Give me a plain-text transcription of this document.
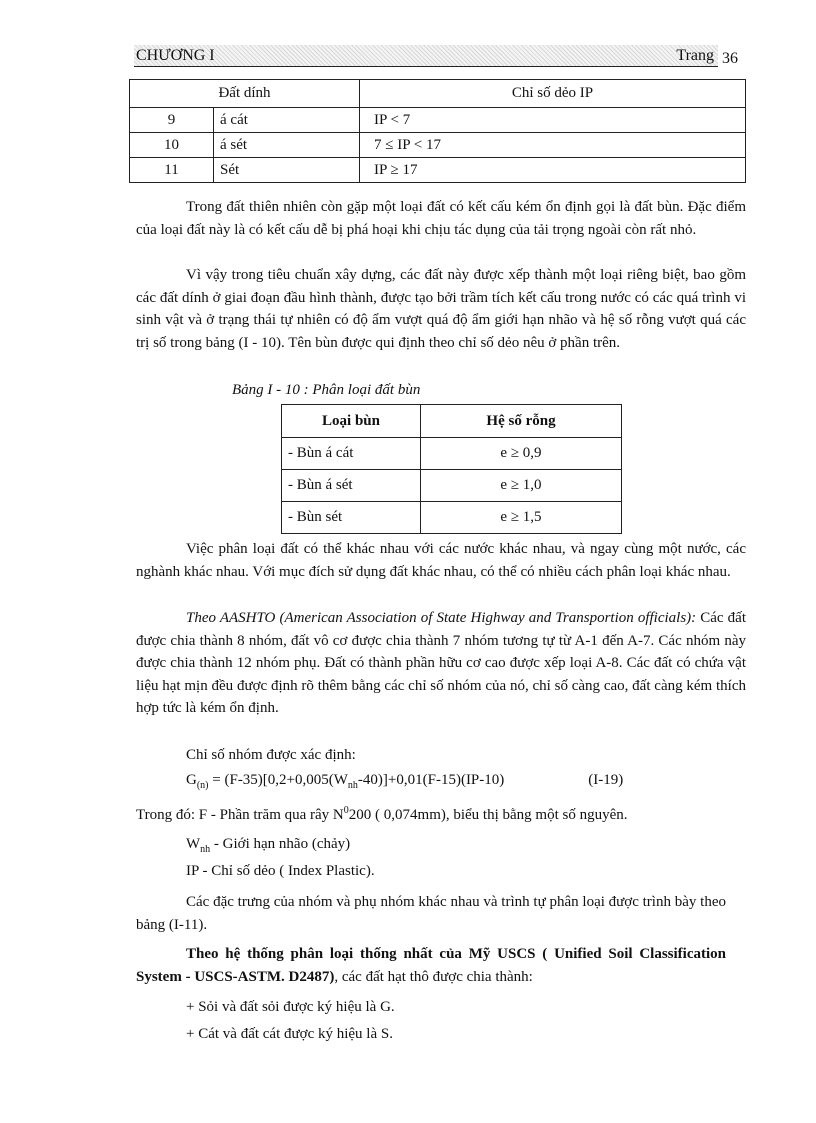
CHƯƠNG I	Trang 36
Đất dính		Chỉ số dẻo IP
9	á cát	IP < 7
10	á sét	7 ≤ IP < 17
11	Sét	IP ≥ 17

Trong đất thiên nhiên còn gặp một loại đất có kết cấu kém ổn định gọi là đất bùn. Đặc điểm của loại đất này là có kết cấu dễ bị phá hoại khi chịu tác dụng của tải trọng ngoài còn rất nhỏ.

Vì vậy trong tiêu chuẩn xây dựng, các đất này được xếp thành một loại riêng biệt, bao gồm các đất dính ở giai đoạn đầu hình thành, được tạo bởi trầm tích kết cấu trong nước có các quá trình vi sinh vật và ở trạng thái tự nhiên có độ ẩm vượt quá độ ẩm giới hạn nhão và hệ số rỗng vượt quá các trị số trong bảng (I - 10). Tên bùn được qui định theo chỉ số dẻo nêu ở phần trên.

Bảng I - 10 : Phân loại đất bùn
Loại bùn	Hệ số rỗng
- Bùn á cát	e ≥ 0,9
- Bùn á sét	e ≥ 1,0
- Bùn sét	e ≥ 1,5

Việc phân loại đất có thể khác nhau với các nước khác nhau, và ngay cùng một nước, các nghành khác nhau. Với mục đích sử dụng đất khác nhau, có thể có nhiều cách phân loại khác nhau.

Theo AASHTO (American Association of State Highway and Transportion officials): Các đất được chia thành 8 nhóm, đất vô cơ được chia thành 7 nhóm tương tự từ A-1 đến A-7. Các nhóm này được chia thành 12 nhóm phụ. Đất có thành phần hữu cơ cao được xếp loại A-8. Các đất có chứa vật liệu hạt mịn đều được định rõ thêm bằng các chỉ số nhóm của nó, chỉ số càng cao, đất càng kém thích hợp tức là kém ổn định.

Chỉ số nhóm được xác định:

$G_{(n)} = (F-35)[0,2+0,005(W_{nh}-40)]+0,01(F-15)(IP-10)$	(I-19)

Trong đó: F - Phần trăm qua rây $N^0200$ ( 0,074mm), biểu thị bằng một số nguyên.

$W_{nh}$ - Giới hạn nhão (chảy)

IP - Chỉ số dẻo ( Index Plastic).

Các đặc trưng của nhóm và phụ nhóm khác nhau và trình tự phân loại được trình bày theo bảng (I-11).

Theo hệ thống phân loại thống nhất của Mỹ USCS ( Unified Soil Classification System - USCS-ASTM. D2487), các đất hạt thô được chia thành:

+ Sỏi và đất sỏi được ký hiệu là G.

+ Cát và đất cát được ký hiệu là S.
